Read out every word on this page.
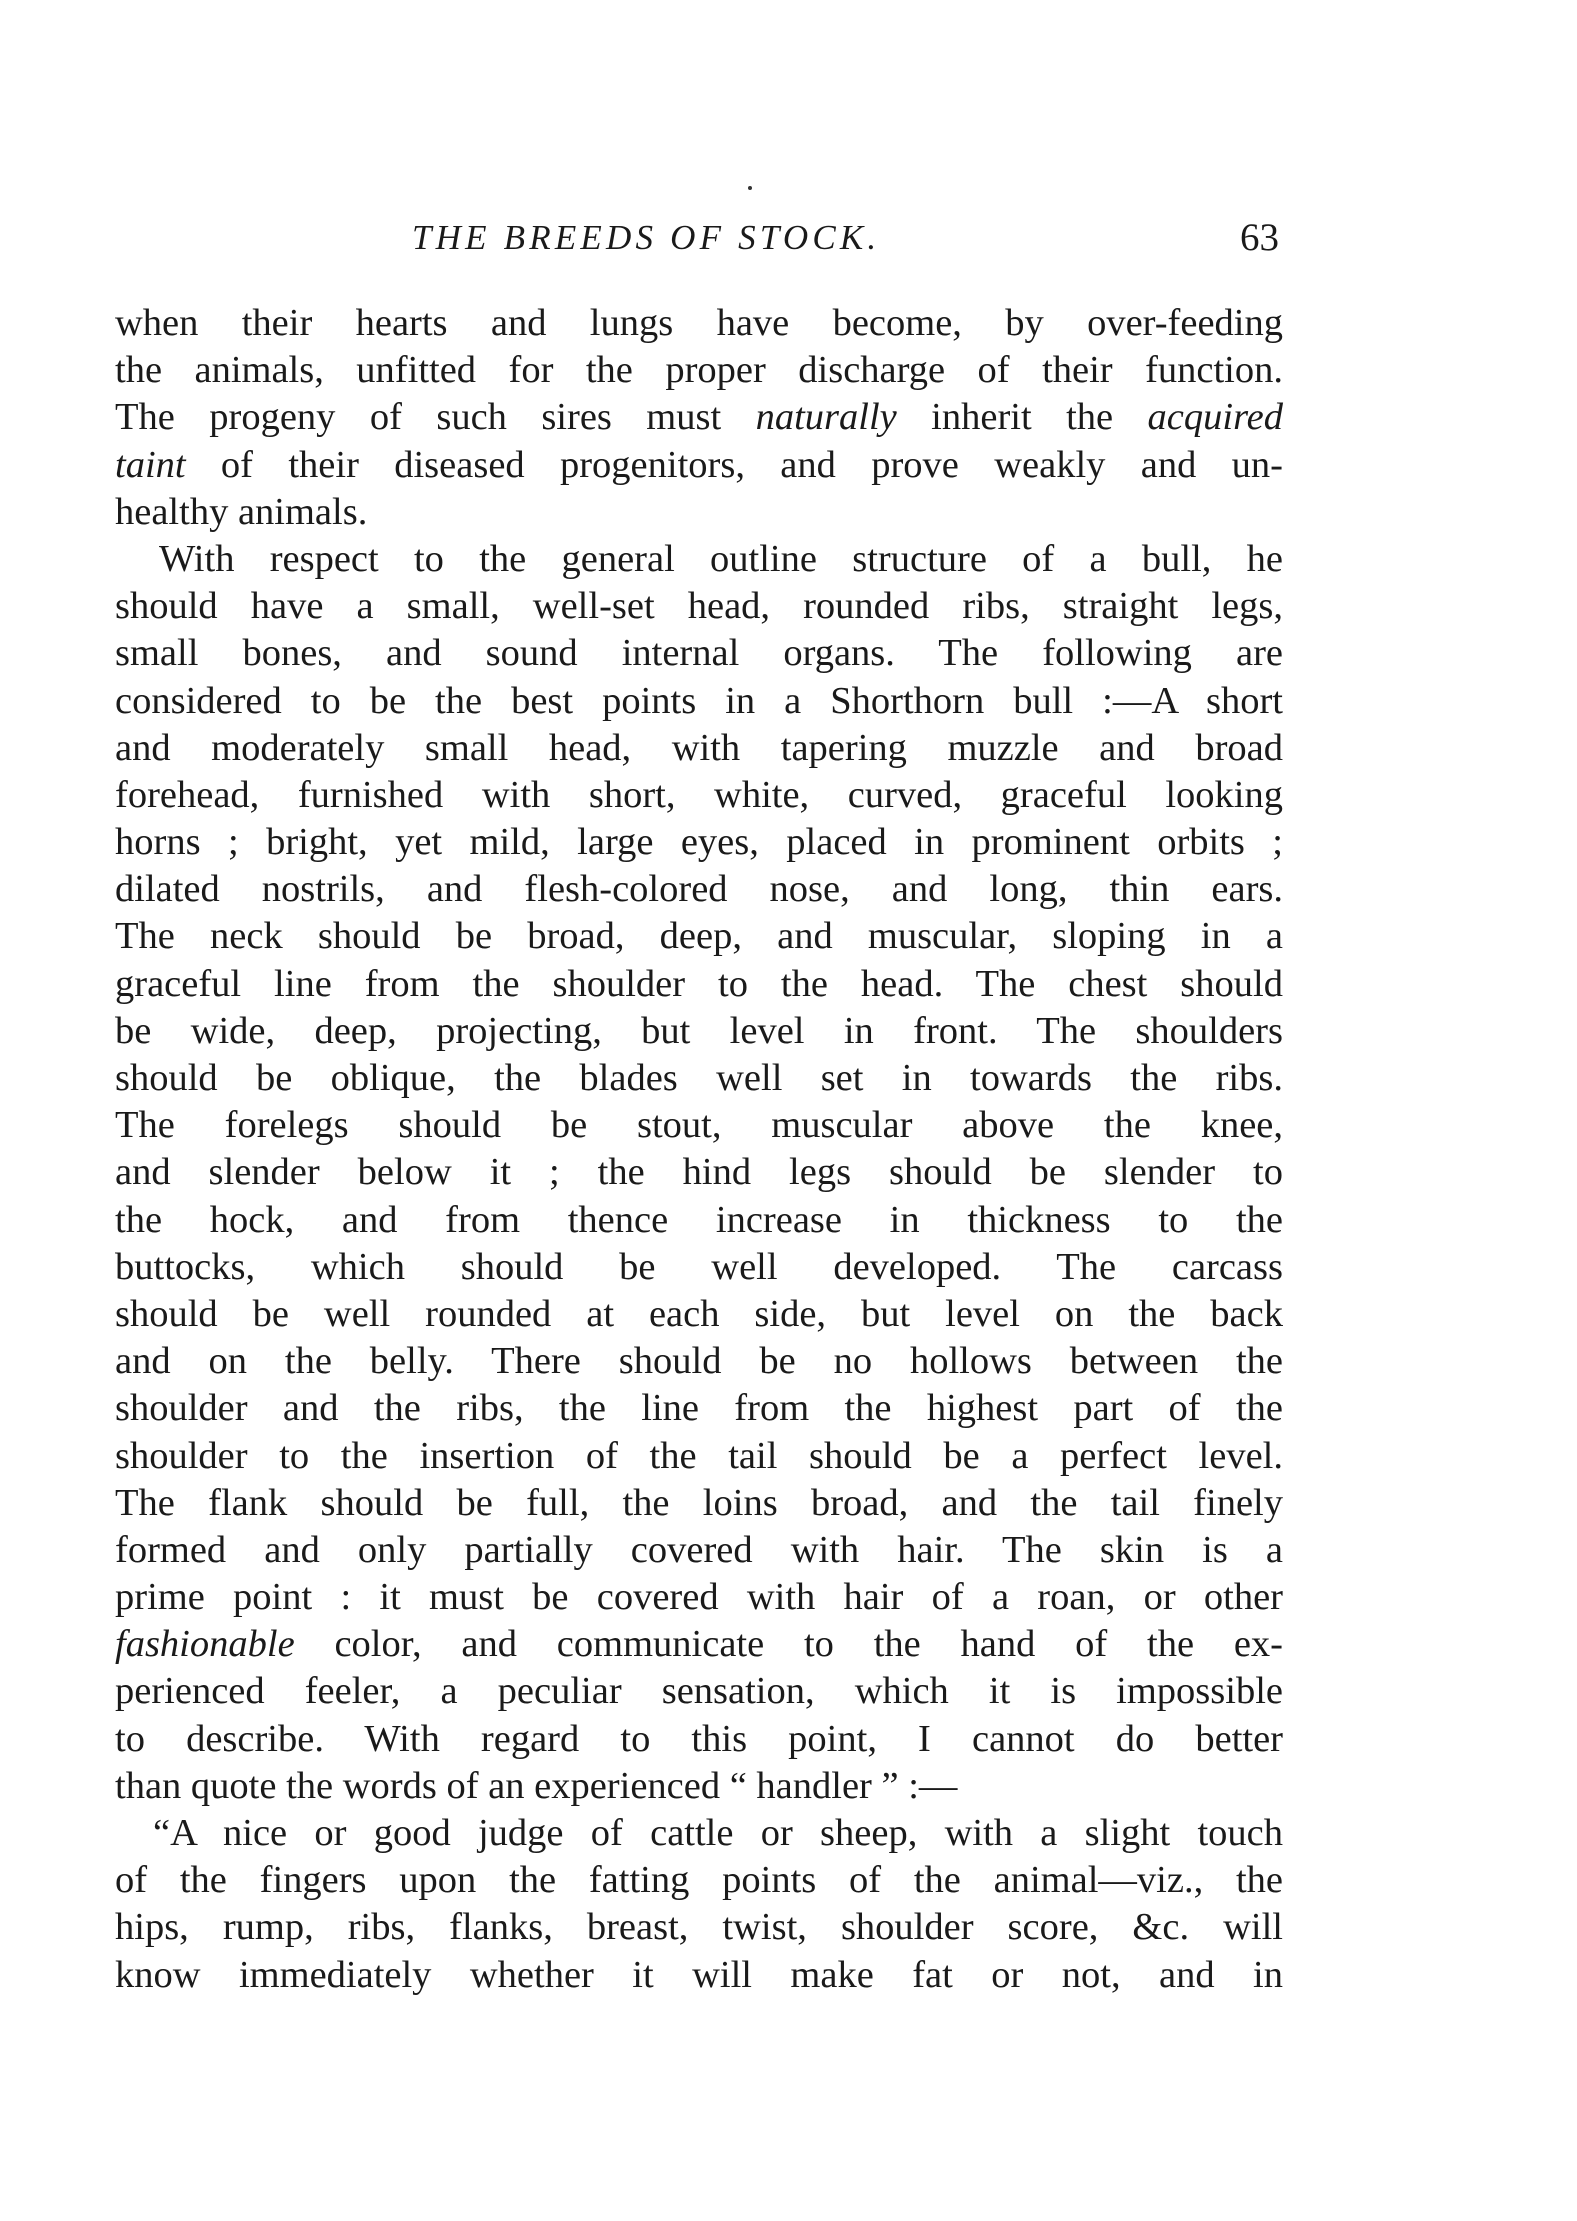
THE BREEDS OF STOCK.	63
when their hearts and lungs have become, by over-feeding
the animals, unfitted for the proper discharge of their function.
The progeny of such sires must naturally inherit the acquired
taint of their diseased progenitors, and prove weakly and un-
healthy animals.
With respect to the general outline structure of a bull, he
should have a small, well-set head, rounded ribs, straight legs,
small bones, and sound internal organs. The following are
considered to be the best points in a Shorthorn bull :—A short
and moderately small head, with tapering muzzle and broad
forehead, furnished with short, white, curved, graceful looking
horns ; bright, yet mild, large eyes, placed in prominent orbits ;
dilated nostrils, and flesh-colored nose, and long, thin ears.
The neck should be broad, deep, and muscular, sloping in a
graceful line from the shoulder to the head. The chest should
be wide, deep, projecting, but level in front. The shoulders
should be oblique, the blades well set in towards the ribs.
The forelegs should be stout, muscular above the knee,
and slender below it ; the hind legs should be slender to
the hock, and from thence increase in thickness to the
buttocks, which should be well developed. The carcass
should be well rounded at each side, but level on the back
and on the belly. There should be no hollows between the
shoulder and the ribs, the line from the highest part of the
shoulder to the insertion of the tail should be a perfect level.
The flank should be full, the loins broad, and the tail finely
formed and only partially covered with hair. The skin is a
prime point : it must be covered with hair of a roan, or other
fashionable color, and communicate to the hand of the ex-
perienced feeler, a peculiar sensation, which it is impossible
to describe. With regard to this point, I cannot do better
than quote the words of an experienced “ handler ” :—
“A nice or good judge of cattle or sheep, with a slight touch
of the fingers upon the fatting points of the animal—viz., the
hips, rump, ribs, flanks, breast, twist, shoulder score, &c. will
know immediately whether it will make fat or not, and in
